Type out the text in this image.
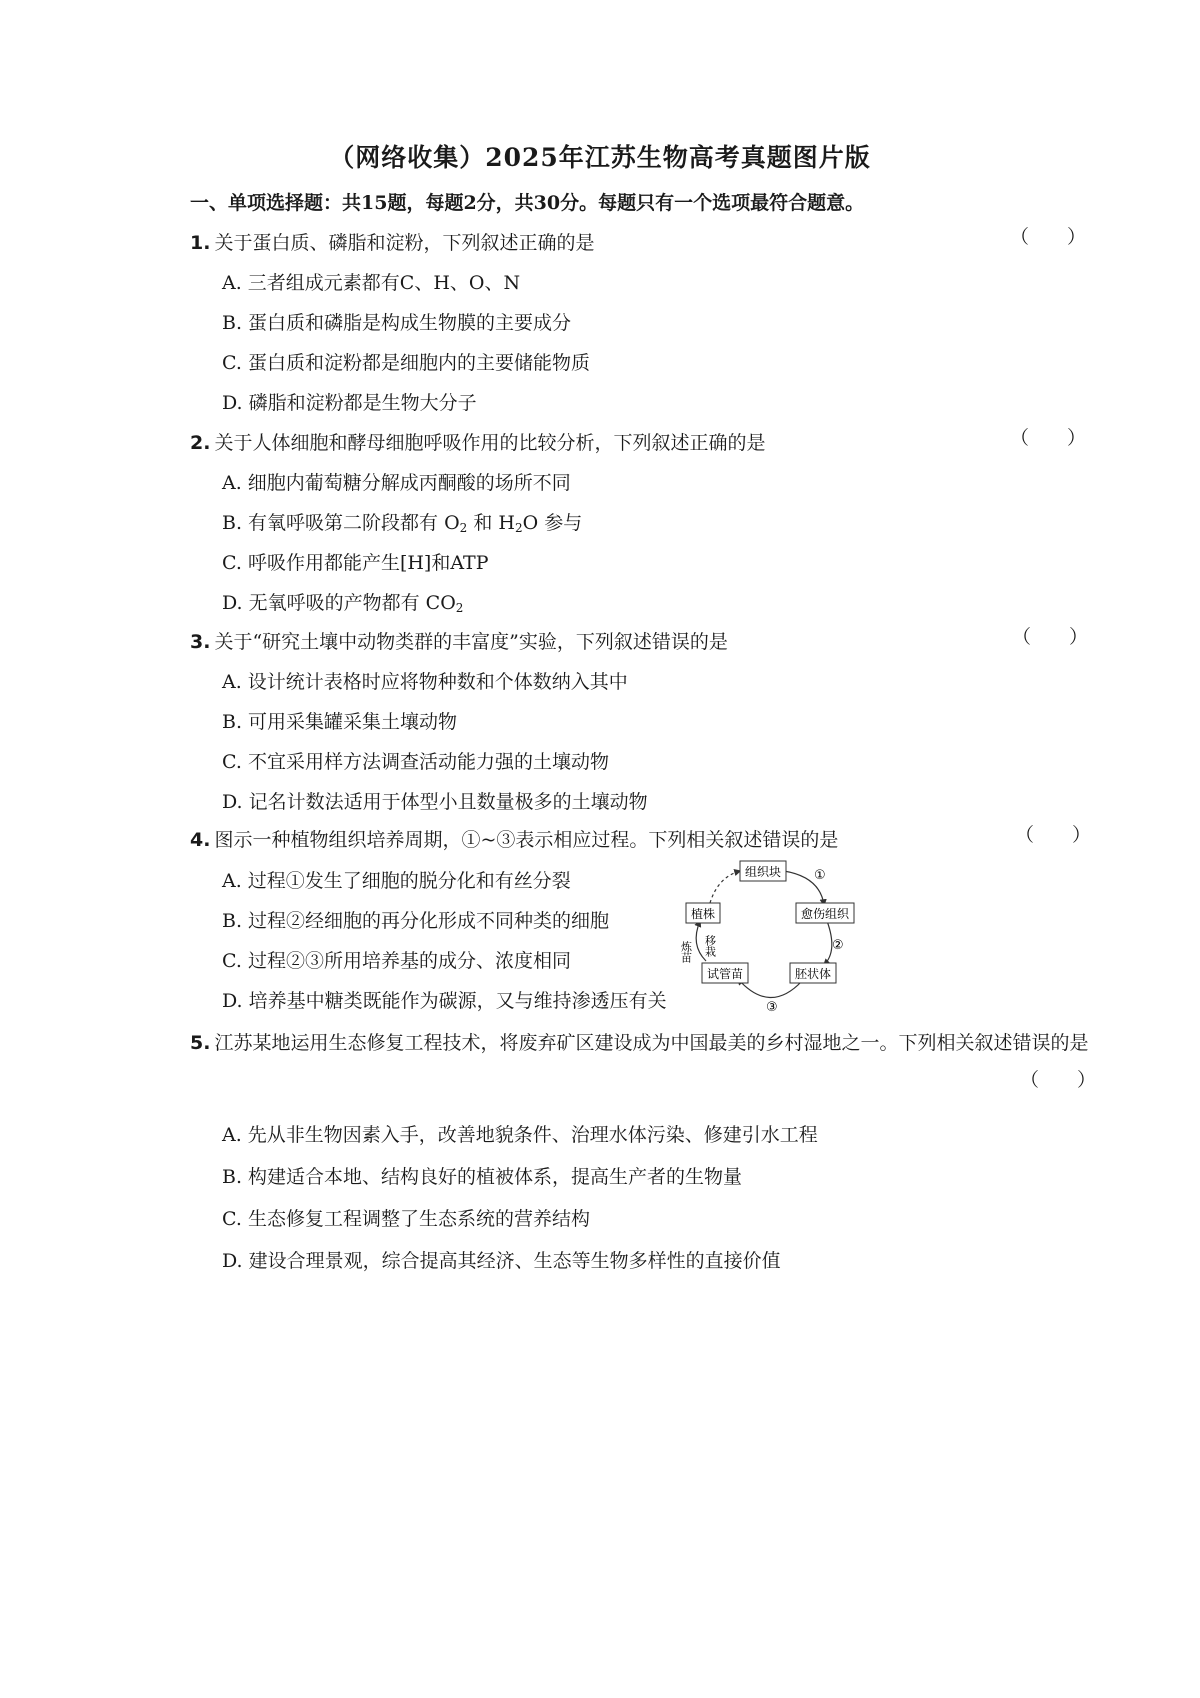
（网络收集）2025年江苏生物高考真题图片版
一、单项选择题：共15题，每题2分，共30分。每题只有一个选项最符合题意。
1. 关于蛋白质、磷脂和淀粉，下列叙述正确的是	（　　）
A. 三者组成元素都有C、H、O、N
B. 蛋白质和磷脂是构成生物膜的主要成分
C. 蛋白质和淀粉都是细胞内的主要储能物质
D. 磷脂和淀粉都是生物大分子
2. 关于人体细胞和酵母细胞呼吸作用的比较分析，下列叙述正确的是	（　　）
A. 细胞内葡萄糖分解成丙酮酸的场所不同
B. 有氧呼吸第二阶段都有 $O_2$ 和 $H_2O$ 参与
C. 呼吸作用都能产生[H]和ATP
D. 无氧呼吸的产物都有 $CO_2$
3. 关于“研究土壤中动物类群的丰富度”实验，下列叙述错误的是	（　　）
A. 设计统计表格时应将物种数和个体数纳入其中
B. 可用采集罐采集土壤动物
C. 不宜采用样方法调查活动能力强的土壤动物
D. 记名计数法适用于体型小且数量极多的土壤动物
4. 图示一种植物组织培养周期，①~③表示相应过程。下列相关叙述错误的是	（　　）
A. 过程①发生了细胞的脱分化和有丝分裂
B. 过程②经细胞的再分化形成不同种类的细胞
C. 过程②③所用培养基的成分、浓度相同
D. 培养基中糖类既能作为碳源，又与维持渗透压有关
组织块
愈伤组织
胚状体
试管苗
植株
①
②
③
炼苗 移栽
5. 江苏某地运用生态修复工程技术，将废弃矿区建设成为中国最美的乡村湿地之一。下列相关叙述错误的是
（　　）
A. 先从非生物因素入手，改善地貌条件、治理水体污染、修建引水工程
B. 构建适合本地、结构良好的植被体系，提高生产者的生物量
C. 生态修复工程调整了生态系统的营养结构
D. 建设合理景观，综合提高其经济、生态等生物多样性的直接价值
